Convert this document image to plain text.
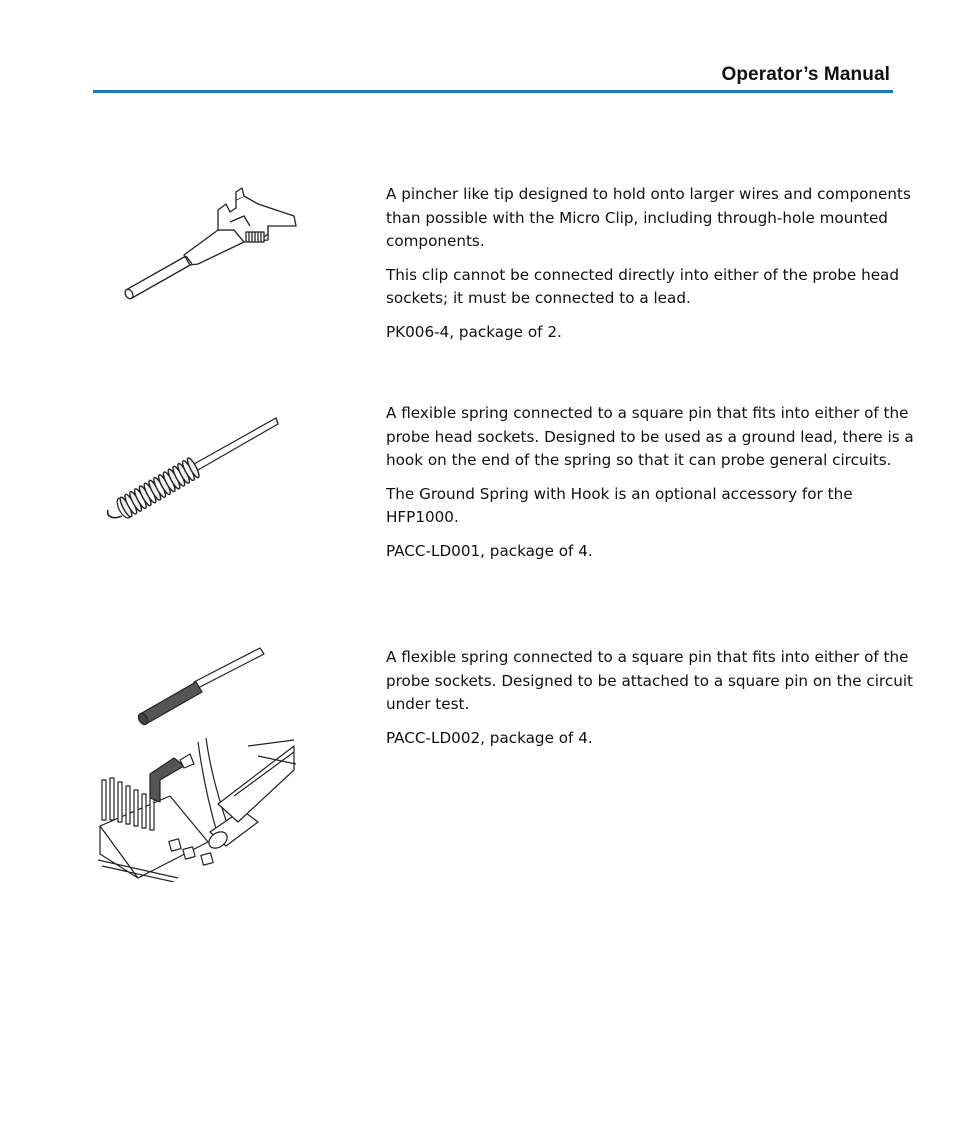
Operator’s Manual

A pincher like tip designed to hold onto larger wires and components than possible with the Micro Clip, including through-hole mounted components.

This clip cannot be connected directly into either of the probe head sockets; it must be connected to a lead.

PK006-4, package of 2.

A flexible spring connected to a square pin that fits into either of the probe head sockets. Designed to be used as a ground lead, there is a hook on the end of the spring so that it can probe general circuits.

The Ground Spring with Hook is an optional accessory for the HFP1000.

PACC-LD001, package of 4.

A flexible spring connected to a square pin that fits into either of the probe sockets. Designed to be attached to a square pin on the circuit under test.

PACC-LD002, package of 4.
